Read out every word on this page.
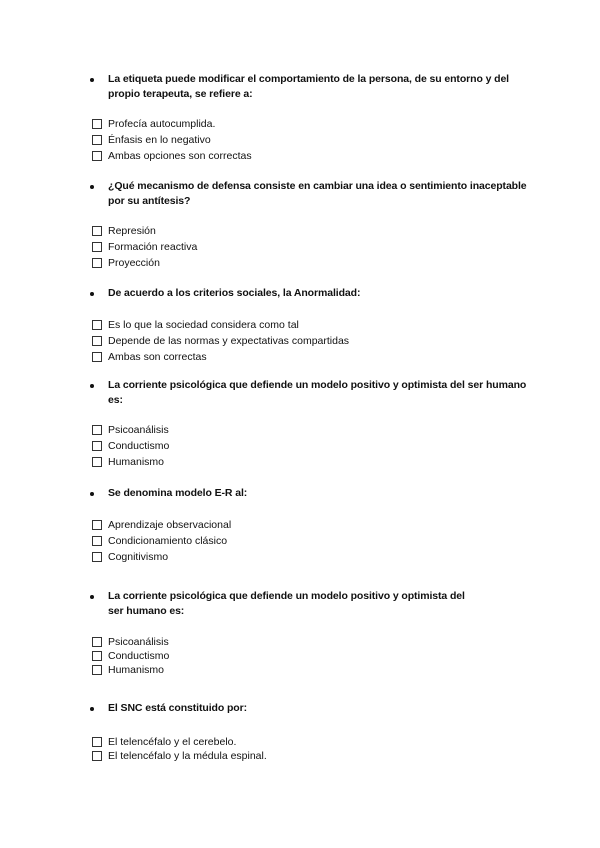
La etiqueta puede modificar el comportamiento de la persona, de su entorno y del propio terapeuta, se refiere a:
Profecía autocumplida.
Énfasis en lo negativo
Ambas opciones son correctas
¿Qué mecanismo de defensa consiste en cambiar una idea o sentimiento inaceptable por su antítesis?
Represión
Formación reactiva
Proyección
De acuerdo a los criterios sociales, la Anormalidad:
Es lo que la sociedad considera como tal
Depende de las normas y expectativas compartidas
Ambas son correctas
La corriente psicológica que defiende un modelo positivo y optimista del ser humano es:
Psicoanálisis
Conductismo
Humanismo
Se denomina modelo E-R al:
Aprendizaje observacional
Condicionamiento clásico
Cognitivismo
La corriente psicológica que defiende un modelo positivo y optimista del ser humano es:
Psicoanálisis
Conductismo
Humanismo
El SNC está constituido por:
El telencéfalo y el cerebelo.
El telencéfalo y la médula espinal.
